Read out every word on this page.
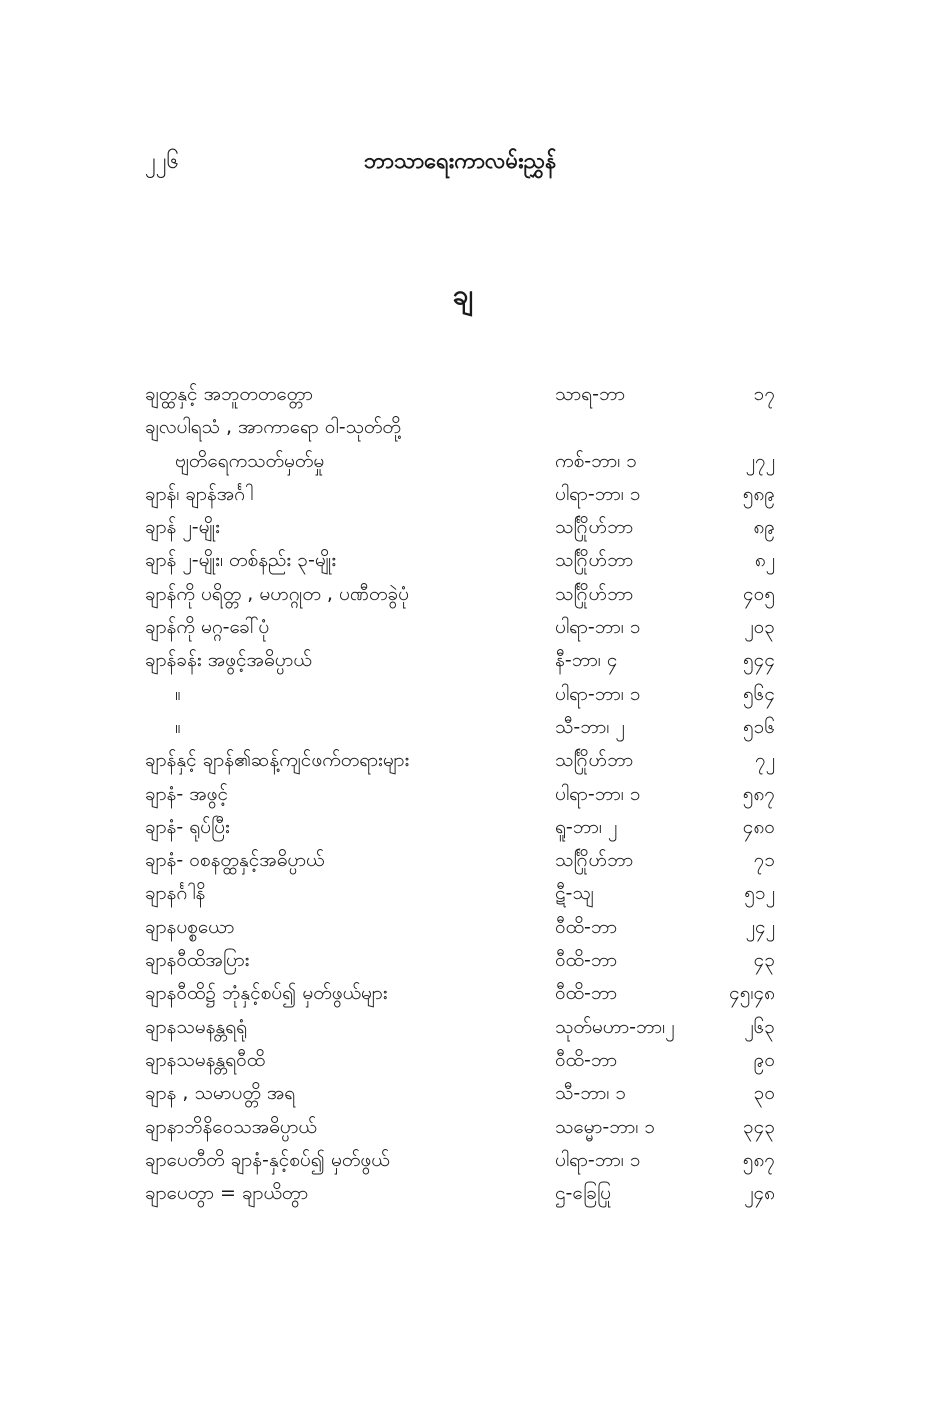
၂၂၆	ဘာသာ​ရေးကာလမ်းညွှန်
ချ
ချတ္ထနှင့် အဘူတတတ္တော	သာရ-ဘာ	၁၇
ချလပါရသံ , အာကာရော ဝါ-သုတ်တို့
ဗျတိရေကသတ်မှတ်မှု	ကစ်-ဘာ၊ ၁	၂၇၂
ချာန်၊ ချာန်အင်္ဂါ	ပါရာ-ဘာ၊ ၁	၅၈၉
ချာန် ၂-မျိုး	သင်္ဂြိုဟ်ဘာ	၈၉
ချာန် ၂-မျိုး၊ တစ်နည်း ၃-မျိုး	သင်္ဂြိုဟ်ဘာ	၈၂
ချာန်ကို ပရိတ္တ , မဟဂ္ဂုတ , ပဏီတခွဲပုံ	သင်္ဂြိုဟ်ဘာ	၄၀၅
ချာန်ကို မဂ္ဂ-ခေါ်ပုံ	ပါရာ-ဘာ၊ ၁	၂၀၃
ချာန်ခန်း အဖွင့်အဓိပ္ပာယ်	နီ-ဘာ၊ ၄	၅၄၄
။	ပါရာ-ဘာ၊ ၁	၅၆၄
။	သီ-ဘာ၊ ၂	၅၁၆
ချာန်နှင့် ချာန်၏ဆန့်ကျင်ဖက်တရားများ	သင်္ဂြိုဟ်ဘာ	၇၂
ချာနံ- အဖွင့်	ပါရာ-ဘာ၊ ၁	၅၈၇
ချာနံ- ရုပ်ပြီး	ရူ-ဘာ၊ ၂	၄၈၀
ချာနံ- ဝစနတ္ထနှင့်အဓိပ္ပာယ်	သင်္ဂြိုဟ်ဘာ	၇၁
ချာနင်္ဂါနိ	ဋီ-သျ	၅၁၂
ချာနပစ္စယော	ဝီထိ-ဘာ	၂၄၂
ချာနဝီထိအပြား	ဝီထိ-ဘာ	၄၃
ချာနဝီထိ၌ ဘုံနှင့်စပ်၍ မှတ်ဖွယ်များ	ဝီထိ-ဘာ	၄၅၊၄၈
ချာနသမနန္တရရုံ	သုတ်မဟာ-ဘာ၊၂	၂၆၃
ချာနသမနန္တရဝီထိ	ဝီထိ-ဘာ	၉၀
ချာန , သမာပတ္တိ အရ	သီ-ဘာ၊ ၁	၃၀
ချာနာဘိနိဝေသအဓိပ္ပာယ်	သမ္မော-ဘာ၊ ၁	၃၄၃
ချာပေတီတိ ချာနံ-နှင့်စပ်၍ မှတ်ဖွယ်	ပါရာ-ဘာ၊ ၁	၅၈၇
ချာပေတွာ = ချာယိတွာ	ဌ-ခြေပြု	၂၄၈
